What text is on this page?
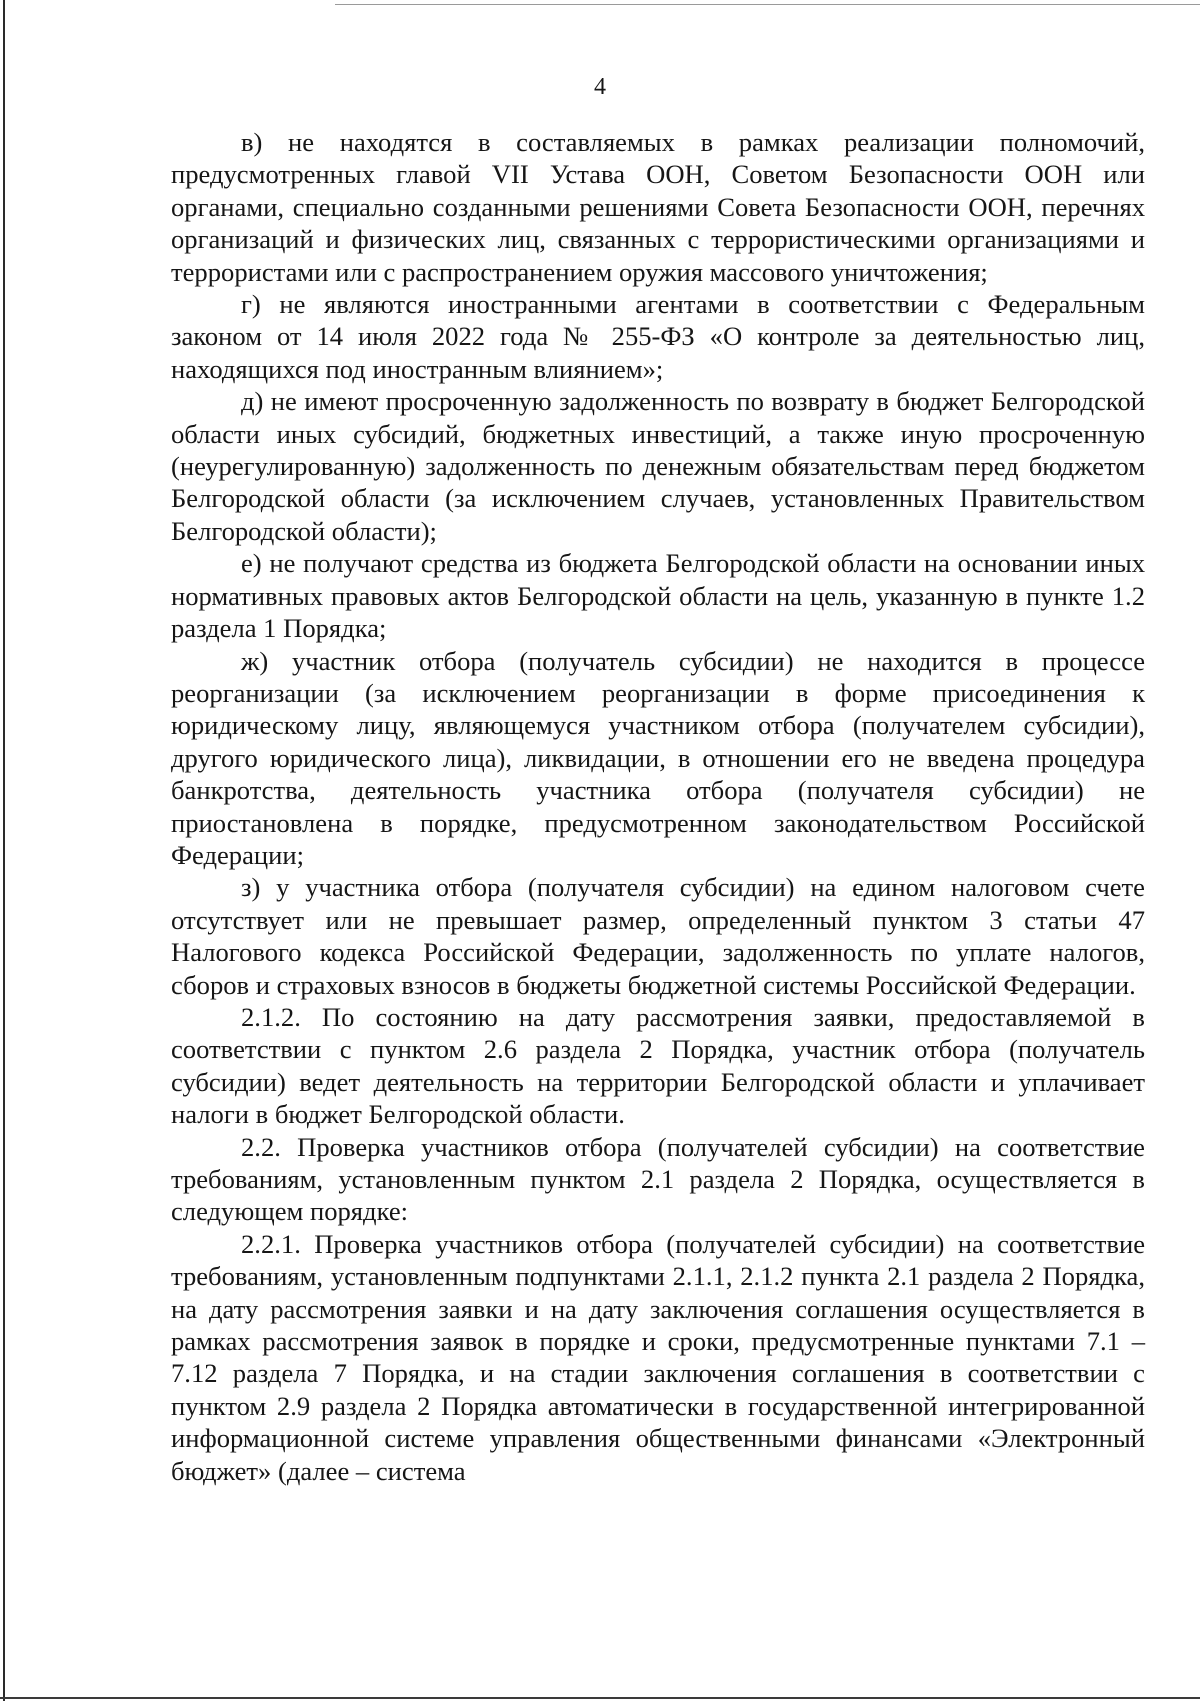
4

в) не находятся в составляемых в рамках реализации полномочий, предусмотренных главой VII Устава ООН, Советом Безопасности ООН или органами, специально созданными решениями Совета Безопасности ООН, перечнях организаций и физических лиц, связанных с террористическими организациями и террористами или с распространением оружия массового уничтожения;

г) не являются иностранными агентами в соответствии с Федеральным законом от 14 июля 2022 года № 255-ФЗ «О контроле за деятельностью лиц, находящихся под иностранным влиянием»;

д) не имеют просроченную задолженность по возврату в бюджет Белгородской области иных субсидий, бюджетных инвестиций, а также иную просроченную (неурегулированную) задолженность по денежным обязательствам перед бюджетом Белгородской области (за исключением случаев, установленных Правительством Белгородской области);

е) не получают средства из бюджета Белгородской области на основании иных нормативных правовых актов Белгородской области на цель, указанную в пункте 1.2 раздела 1 Порядка;

ж) участник отбора (получатель субсидии) не находится в процессе реорганизации (за исключением реорганизации в форме присоединения к юридическому лицу, являющемуся участником отбора (получателем субсидии), другого юридического лица), ликвидации, в отношении его не введена процедура банкротства, деятельность участника отбора (получателя субсидии) не приостановлена в порядке, предусмотренном законодательством Российской Федерации;

з) у участника отбора (получателя субсидии) на едином налоговом счете отсутствует или не превышает размер, определенный пунктом 3 статьи 47 Налогового кодекса Российской Федерации, задолженность по уплате налогов, сборов и страховых взносов в бюджеты бюджетной системы Российской Федерации.

2.1.2. По состоянию на дату рассмотрения заявки, предоставляемой в соответствии с пунктом 2.6 раздела 2 Порядка, участник отбора (получатель субсидии) ведет деятельность на территории Белгородской области и уплачивает налоги в бюджет Белгородской области.

2.2. Проверка участников отбора (получателей субсидии) на соответствие требованиям, установленным пунктом 2.1 раздела 2 Порядка, осуществляется в следующем порядке:

2.2.1. Проверка участников отбора (получателей субсидии) на соответствие требованиям, установленным подпунктами 2.1.1, 2.1.2 пункта 2.1 раздела 2 Порядка, на дату рассмотрения заявки и на дату заключения соглашения осуществляется в рамках рассмотрения заявок в порядке и сроки, предусмотренные пунктами 7.1 – 7.12 раздела 7 Порядка, и на стадии заключения соглашения в соответствии с пунктом 2.9 раздела 2 Порядка автоматически в государственной интегрированной информационной системе управления общественными финансами «Электронный бюджет» (далее – система
